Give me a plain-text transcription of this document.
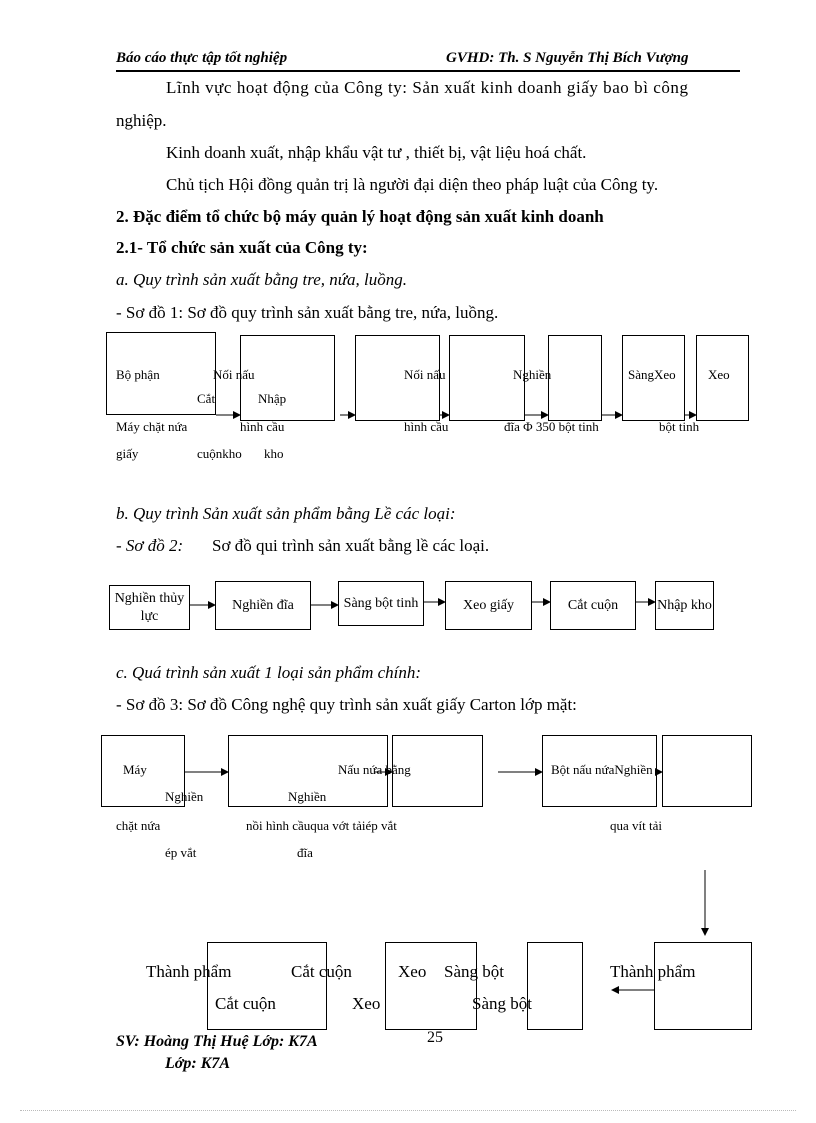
Báo cáo thực tập tốt nghiệp	GVHD: Th. S Nguyễn Thị Bích Vượng
Lĩnh vực hoạt động của Công ty: Sản xuất kinh doanh giấy bao bì công
nghiệp.
Kinh doanh xuất, nhập khẩu vật tư , thiết bị, vật liệu hoá chất.
Chủ tịch Hội đồng quản trị là người đại diện theo pháp luật của Công ty.
2. Đặc điểm tổ chức bộ máy quản lý hoạt động sản xuất kinh doanh
2.1- Tổ chức sản xuất của Công ty:
a. Quy trình sản xuất bằng tre, nứa, luồng.
- Sơ đồ 1: Sơ đồ quy trình sản xuất bằng tre, nứa, luồng.
Bộ phận	Nối nấu
Cắt	Nhập
Nối nấu	Nghiền	SàngXeo Xeo
Máy chặt nứa	hình cầu	hình cầu	đĩa Φ 350 bột tinh	bột tinh
giấy	cuộnkho kho
b. Quy trình Sản xuất sản phẩm bằng Lề các loại:
- Sơ đồ 2: Sơ đồ qui trình sản xuất bằng lề các loại.
Nghiền thủy lực
Nghiền đĩa	Sàng bột tinh	Xeo giấy	Cắt cuộn	Nhập kho
c. Quá trình sản xuất 1 loại sản phẩm chính:
- Sơ đồ 3: Sơ đồ Công nghệ quy trình sản xuất giấy Carton lớp mặt:
Máy
Nghiền	Nghiền
Nấu nứa bằng	Bột nấu nứaNghiền
chặt nứa	nồi hình cầuqua vớt tảiép vắt	qua vít tải
ép vắt	đĩa
Thành phẩm	Cắt cuộn	Xeo Sàng bột	Thành phẩm
Cắt cuộn	Xeo	Sàng bột
SV: Hoàng Thị Huệ Lớp: K7A	25
Lớp: K7A
